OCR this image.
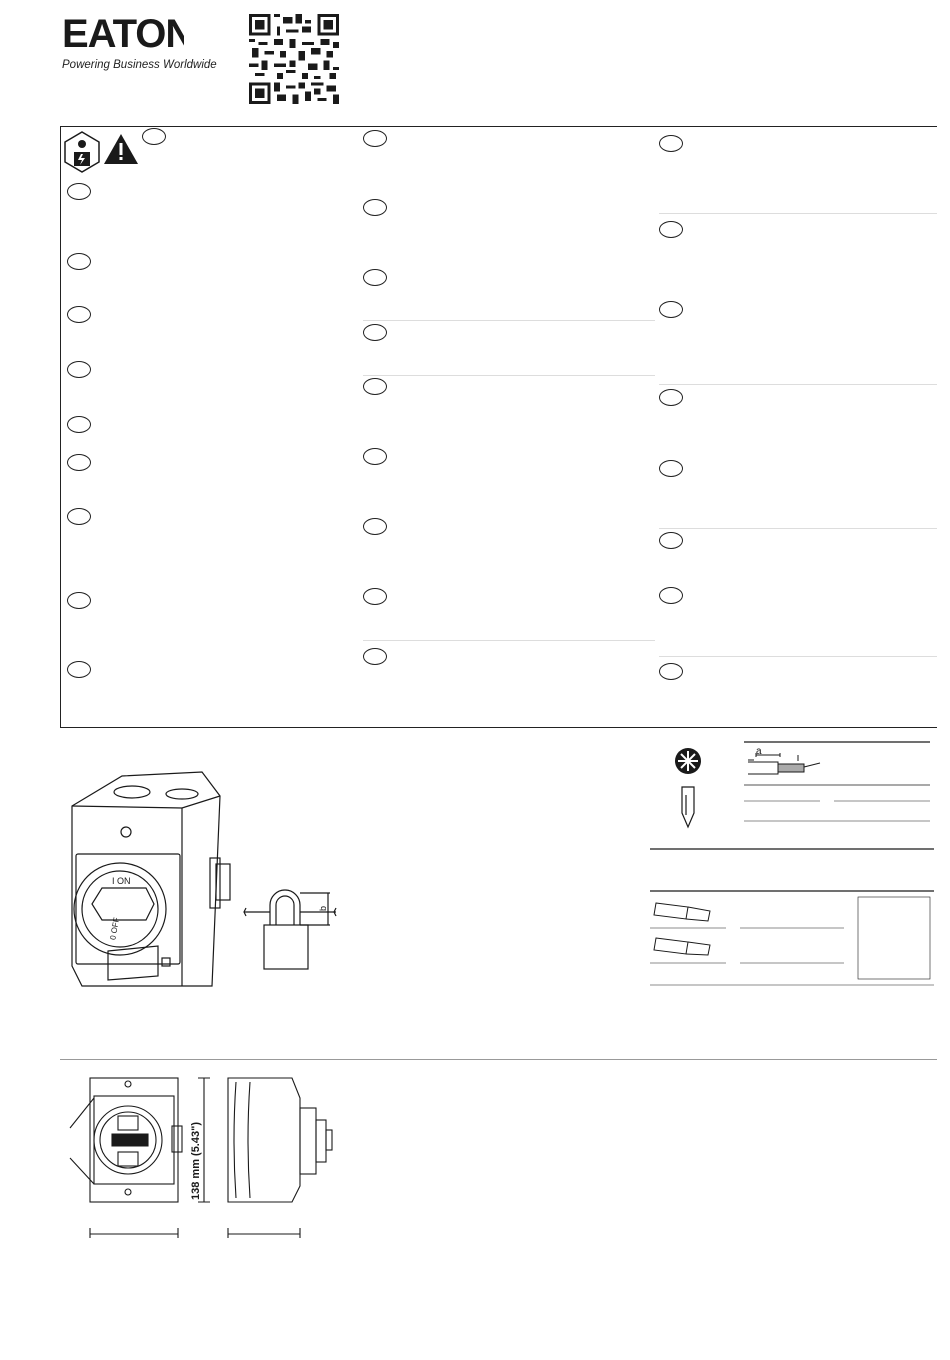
EATON
Powering Business Worldwide
I ON
0 OFF
b
a
138 mm (5.43")
